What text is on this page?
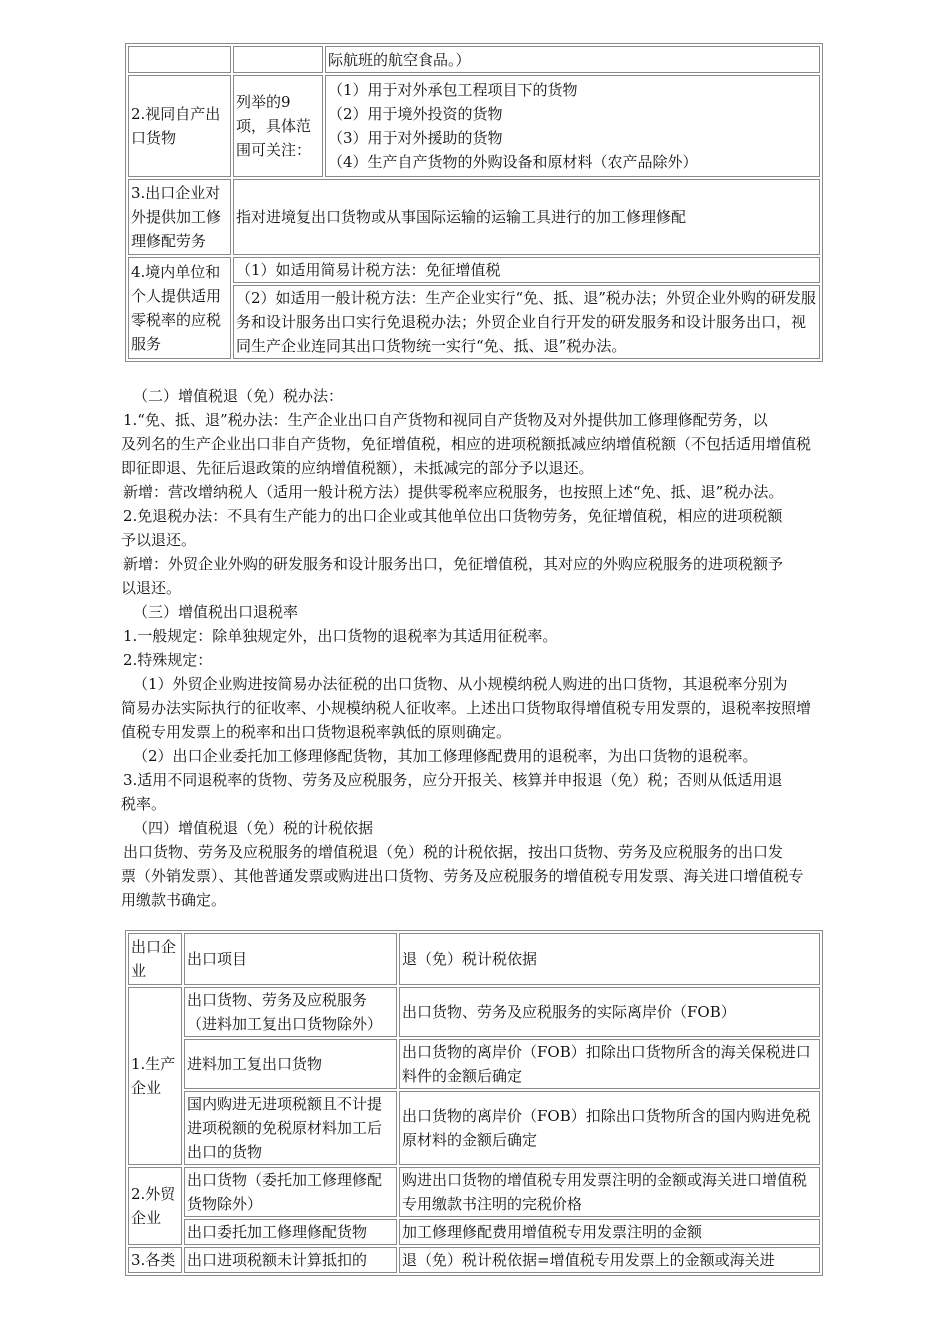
		际航班的航空食品。）
2.视同自产出口货物	列举的9项，具体范围可关注：	（1）用于对外承包工程项目下的货物
（2）用于境外投资的货物
（3）用于对外援助的货物
（4）生产自产货物的外购设备和原材料（农产品除外）

3.出口企业对外提供加工修理修配劳务	指对进境复出口货物或从事国际运输的运输工具进行的加工修理修配	
4.境内单位和个人提供适用零税率的应税服务	（1）如适用简易计税方法：免征增值税	
	（2）如适用一般计税方法：生产企业实行“免、抵、退”税办法；外贸企业外购的研发服务和设计服务出口实行免退税办法；外贸企业自行开发的研发服务和设计服务出口，视同生产企业连同其出口货物统一实行“免、抵、退”税办法。	
（二）增值税退（免）税办法：
1.“免、抵、退”税办法：生产企业出口自产货物和视同自产货物及对外提供加工修理修配劳务，以
及列名的生产企业出口非自产货物，免征增值税，相应的进项税额抵减应纳增值税额（不包括适用增值税
即征即退、先征后退政策的应纳增值税额），未抵减完的部分予以退还。
新增：营改增纳税人（适用一般计税方法）提供零税率应税服务，也按照上述“免、抵、退”税办法。
2.免退税办法：不具有生产能力的出口企业或其他单位出口货物劳务，免征增值税，相应的进项税额
予以退还。
新增：外贸企业外购的研发服务和设计服务出口，免征增值税，其对应的外购应税服务的进项税额予
以退还。
（三）增值税出口退税率
1.一般规定：除单独规定外，出口货物的退税率为其适用征税率。
2.特殊规定：
（1）外贸企业购进按简易办法征税的出口货物、从小规模纳税人购进的出口货物，其退税率分别为
简易办法实际执行的征收率、小规模纳税人征收率。上述出口货物取得增值税专用发票的，退税率按照增
值税专用发票上的税率和出口货物退税率孰低的原则确定。
（2）出口企业委托加工修理修配货物，其加工修理修配费用的退税率，为出口货物的退税率。
3.适用不同退税率的货物、劳务及应税服务，应分开报关、核算并申报退（免）税；否则从低适用退
税率。
（四）增值税退（免）税的计税依据
出口货物、劳务及应税服务的增值税退（免）税的计税依据，按出口货物、劳务及应税服务的出口发
票（外销发票）、其他普通发票或购进出口货物、劳务及应税服务的增值税专用发票、海关进口增值税专
用缴款书确定。
出口企业	出口项目	退（免）税计税依据
1.生产企业	出口货物、劳务及应税服务（进料加工复出口货物除外）	出口货物、劳务及应税服务的实际离岸价（FOB）
	进料加工复出口货物	出口货物的离岸价（FOB）扣除出口货物所含的海关保税进口料件的金额后确定
	国内购进无进项税额且不计提进项税额的免税原材料加工后出口的货物	出口货物的离岸价（FOB）扣除出口货物所含的国内购进免税原材料的金额后确定
2.外贸企业	出口货物（委托加工修理修配货物除外）	购进出口货物的增值税专用发票注明的金额或海关进口增值税专用缴款书注明的完税价格
	出口委托加工修理修配货物	加工修理修配费用增值税专用发票注明的金额
3.各类	出口进项税额未计算抵扣的	退（免）税计税依据=增值税专用发票上的金额或海关进
